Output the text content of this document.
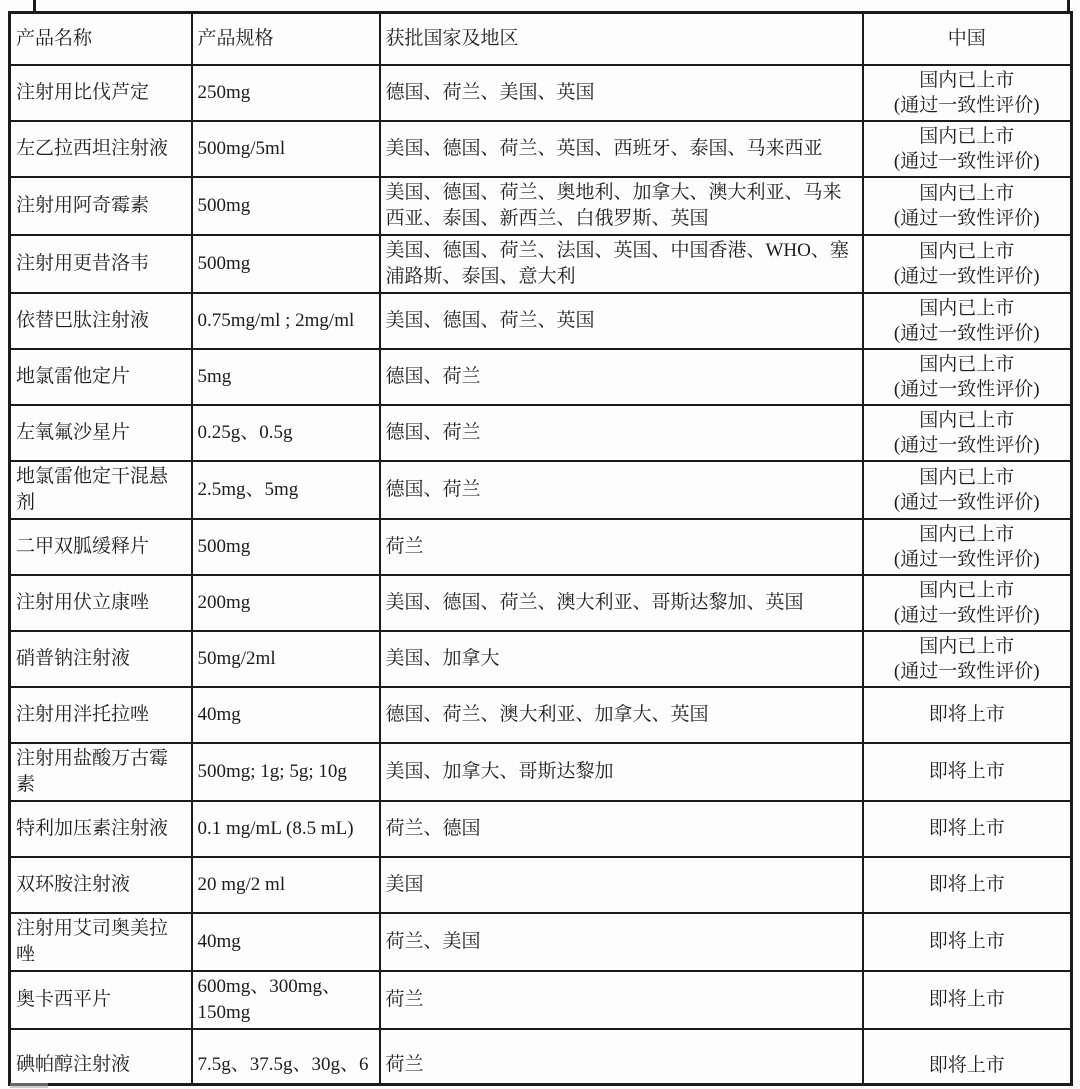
产品名称	产品规格	获批国家及地区	中国
注射用比伐芦定	250mg	德国、荷兰、美国、英国	国内已上市
(通过一致性评价)

左乙拉西坦注射液	500mg/5ml	美国、德国、荷兰、英国、西班牙、泰国、马来西亚	国内已上市
(通过一致性评价)

注射用阿奇霉素	500mg	美国、德国、荷兰、奥地利、加拿大、澳大利亚、马来西亚、泰国、新西兰、白俄罗斯、英国	国内已上市
(通过一致性评价)

注射用更昔洛韦	500mg	美国、德国、荷兰、法国、英国、中国香港、WHO、塞浦路斯、泰国、意大利	国内已上市
(通过一致性评价)

依替巴肽注射液	0.75mg/ml ; 2mg/ml	美国、德国、荷兰、英国	国内已上市
(通过一致性评价)

地氯雷他定片	5mg	德国、荷兰	国内已上市
(通过一致性评价)

左氧氟沙星片	0.25g、0.5g	德国、荷兰	国内已上市
(通过一致性评价)

地氯雷他定干混悬剂	2.5mg、5mg	德国、荷兰	国内已上市
(通过一致性评价)

二甲双胍缓释片	500mg	荷兰	国内已上市
(通过一致性评价)

注射用伏立康唑	200mg	美国、德国、荷兰、澳大利亚、哥斯达黎加、英国	国内已上市
(通过一致性评价)

硝普钠注射液	50mg/2ml	美国、加拿大	国内已上市
(通过一致性评价)

注射用泮托拉唑	40mg	德国、荷兰、澳大利亚、加拿大、英国	即将上市

注射用盐酸万古霉素	500mg; 1g; 5g; 10g	美国、加拿大、哥斯达黎加	即将上市

特利加压素注射液	0.1 mg/mL (8.5 mL)	荷兰、德国	即将上市

双环胺注射液	20 mg/2 ml	美国	即将上市

注射用艾司奥美拉唑	40mg	荷兰、美国	即将上市

奥卡西平片	600mg、300mg、150mg	荷兰	即将上市

碘帕醇注射液	7.5g、37.5g、30g、6	荷兰	即将上市
